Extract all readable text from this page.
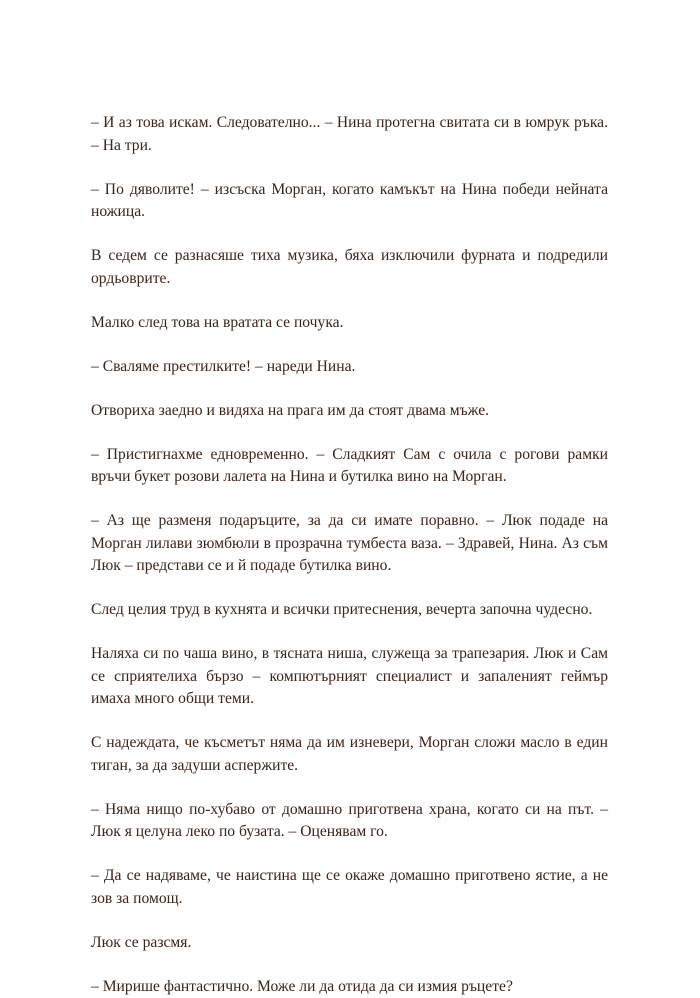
– И аз това искам. Следователно... – Нина протегна свитата си в юмрук ръка. – На три.

– По дяволите! – изсъска Морган, когато камъкът на Нина победи нейната ножица.

В седем се разнасяше тиха музика, бяха изключили фурната и подредили ордьоврите.

Малко след това на вратата се почука.

– Сваляме престилките! – нареди Нина.

Отвориха заедно и видяха на прага им да стоят двама мъже.

– Пристигнахме едновременно. – Сладкият Сам с очила с рогови рамки връчи букет розови лалета на Нина и бутилка вино на Морган.

– Аз ще разменя подаръците, за да си имате поравно. – Люк подаде на Морган лилави зюмбюли в прозрачна тумбеста ваза. – Здравей, Нина. Аз съм Люк – представи се и й подаде бутилка вино.

След целия труд в кухнята и всички притеснения, вечерта започна чудесно.

Наляха си по чаша вино, в тясната ниша, служеща за трапезария. Люк и Сам се сприятелиха бързо – компютърният специалист и запаленият геймър имаха много общи теми.

С надеждата, че късметът няма да им изневери, Морган сложи масло в един тиган, за да задуши аспержите.

– Няма нищо по-хубаво от домашно приготвена храна, когато си на път. – Люк я целуна леко по бузата. – Оценявам го.

– Да се надяваме, че наистина ще се окаже домашно приготвено ястие, а не зов за помощ.

Люк се разсмя.

– Мирише фантастично. Може ли да отида да си измия ръцете?
